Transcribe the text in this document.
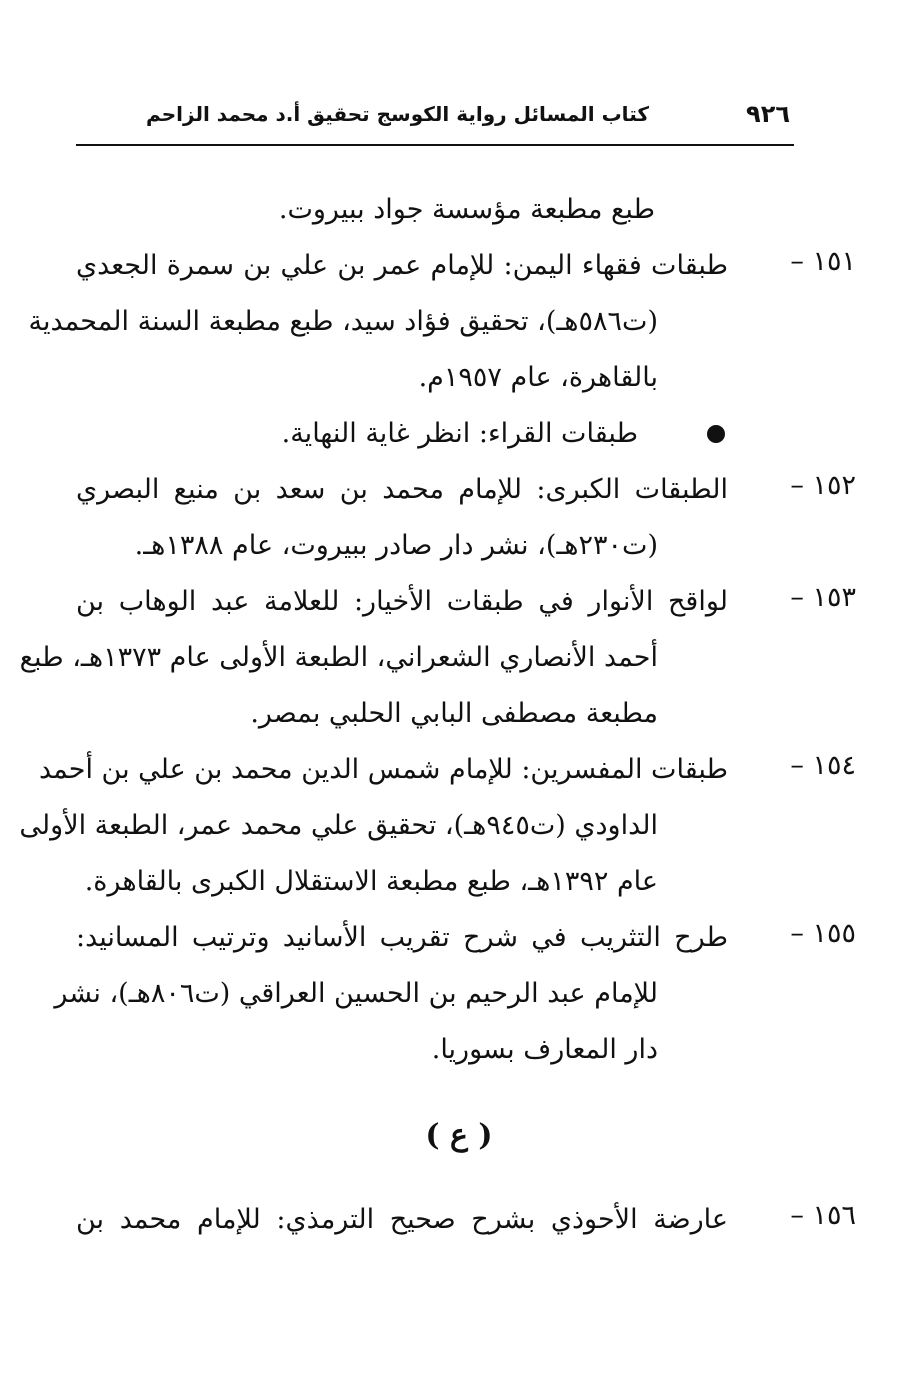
٩٢٦
كتاب المسائل رواية الكوسج تحقيق أ.د محمد الزاحم
طبع مطبعة مؤسسة جواد ببيروت.
١٥١ –
طبقات فقهاء اليمن: للإمام عمر بن علي بن سمرة الجعدي
(ت٥٨٦هـ)، تحقيق فؤاد سيد، طبع مطبعة السنة المحمدية
بالقاهرة، عام ١٩٥٧م.
طبقات القراء: انظر غاية النهاية.
١٥٢ –
الطبقات الكبرى: للإمام محمد بن سعد بن منيع البصري
(ت٢٣٠هـ)، نشر دار صادر ببيروت، عام ١٣٨٨هـ.
١٥٣ –
لواقح الأنوار في طبقات الأخيار: للعلامة عبد الوهاب بن
أحمد الأنصاري الشعراني، الطبعة الأولى عام ١٣٧٣هـ، طبع
مطبعة مصطفى البابي الحلبي بمصر.
١٥٤ –
طبقات المفسرين: للإمام شمس الدين محمد بن علي بن أحمد
الداودي (ت٩٤٥هـ)، تحقيق علي محمد عمر، الطبعة الأولى
عام ١٣٩٢هـ، طبع مطبعة الاستقلال الكبرى بالقاهرة.
١٥٥ –
طرح التثريب في شرح تقريب الأسانيد وترتيب المسانيد:
للإمام عبد الرحيم بن الحسين العراقي (ت٨٠٦هـ)، نشر
دار المعارف بسوريا.
( ع )
١٥٦ –
عارضة الأحوذي بشرح صحيح الترمذي: للإمام محمد بن
